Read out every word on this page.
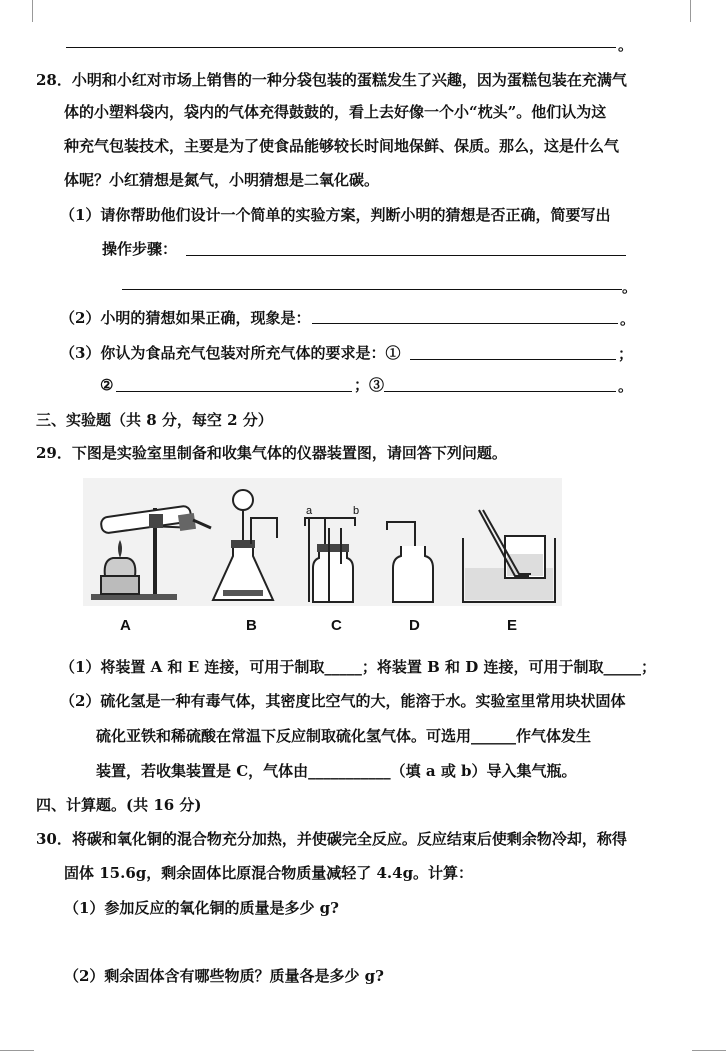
。
28．小明和小红对市场上销售的一种分袋包装的蛋糕发生了兴趣，因为蛋糕包装在充满气
体的小塑料袋内，袋内的气体充得鼓鼓的，看上去好像一个小“枕头”。他们认为这
种充气包装技术，主要是为了使食品能够较长时间地保鲜、保质。那么，这是什么气
体呢？小红猜想是氮气，小明猜想是二氧化碳。
（1）请你帮助他们设计一个简单的实验方案，判断小明的猜想是否正确，简要写出
操作步骤：
。
（2）小明的猜想如果正确，现象是：	。
（3）你认为食品充气包装对所充气体的要求是：①	；
②	；③	。
三、实验题（共 8 分，每空 2 分）
29．下图是实验室里制备和收集气体的仪器装置图，请回答下列问题。
a	b
A	B	C	D	E
（1）将装置 A 和 E 连接，可用于制取_____；将装置 B 和 D 连接，可用于制取_____；
（2）硫化氢是一种有毒气体，其密度比空气的大，能溶于水。实验室里常用块状固体
硫化亚铁和稀硫酸在常温下反应制取硫化氢气体。可选用______作气体发生
装置，若收集装置是 C，气体由___________（填 a 或 b）导入集气瓶。
四、计算题。(共 16 分)
30．将碳和氧化铜的混合物充分加热，并使碳完全反应。反应结束后使剩余物冷却，称得
固体 15.6g，剩余固体比原混合物质量减轻了 4.4g。计算：
（1）参加反应的氧化铜的质量是多少 g?
（2）剩余固体含有哪些物质？质量各是多少 g?
